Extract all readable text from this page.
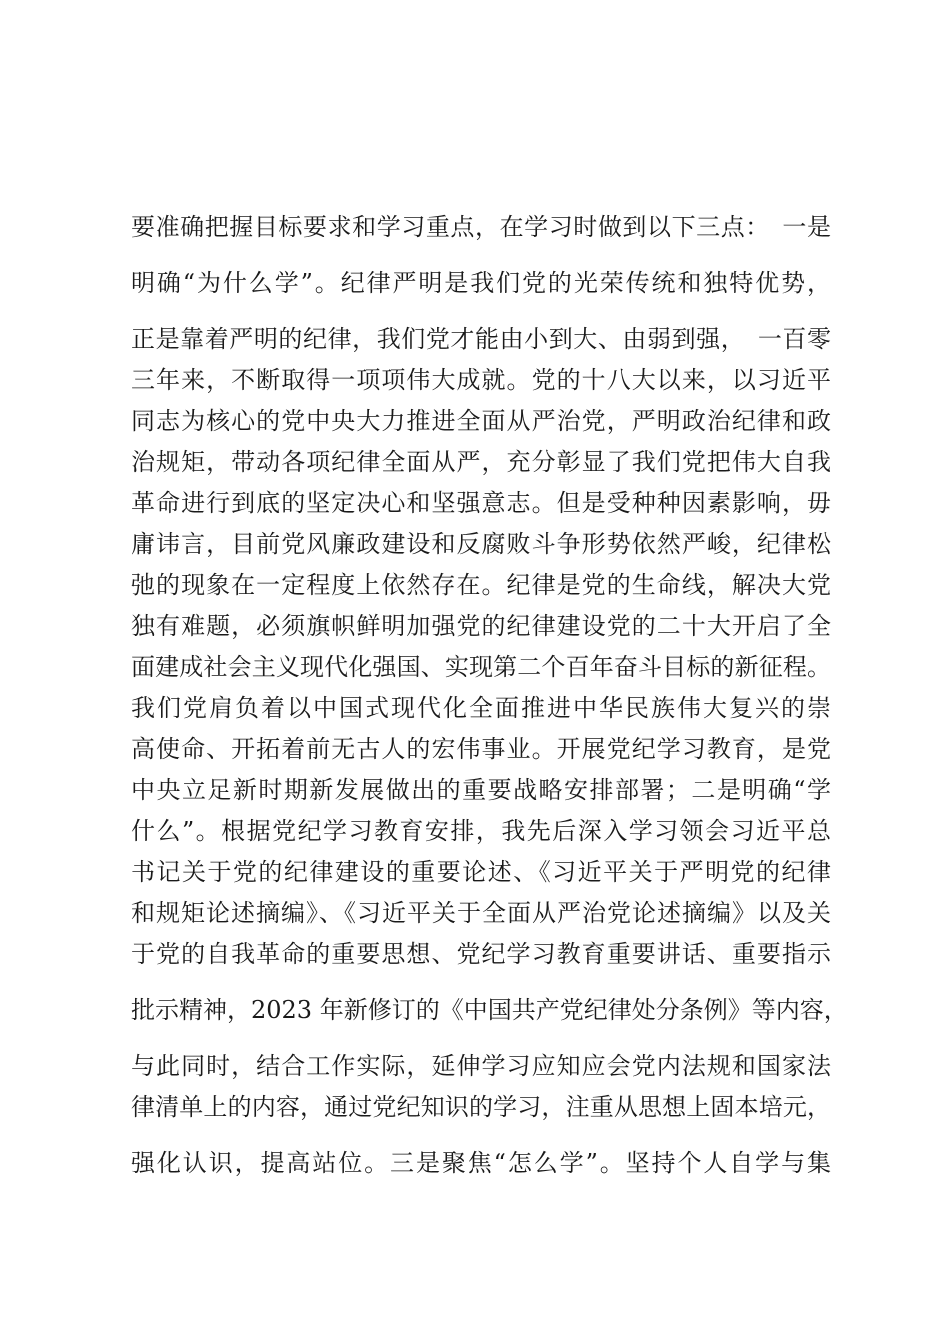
要准确把握目标要求和学习重点，在学习时做到以下三点：　一是
明确“为什么学”。纪律严明是我们党的光荣传统和独特优势，
正是靠着严明的纪律，我们党才能由小到大、由弱到强，　一百零
三年来，不断取得一项项伟大成就。党的十八大以来，以习近平
同志为核心的党中央大力推进全面从严治党，严明政治纪律和政
治规矩，带动各项纪律全面从严，充分彰显了我们党把伟大自我
革命进行到底的坚定决心和坚强意志。但是受种种因素影响，毋
庸讳言，目前党风廉政建设和反腐败斗争形势依然严峻，纪律松
弛的现象在一定程度上依然存在。纪律是党的生命线，解决大党
独有难题，必须旗帜鲜明加强党的纪律建设党的二十大开启了全
面建成社会主义现代化强国、实现第二个百年奋斗目标的新征程。
我们党肩负着以中国式现代化全面推进中华民族伟大复兴的崇
高使命、开拓着前无古人的宏伟事业。开展党纪学习教育，是党
中央立足新时期新发展做出的重要战略安排部署；二是明确“学
什么”。根据党纪学习教育安排，我先后深入学习领会习近平总
书记关于党的纪律建设的重要论述、《习近平关于严明党的纪律
和规矩论述摘编》、《习近平关于全面从严治党论述摘编》以及关
于党的自我革命的重要思想、党纪学习教育重要讲话、重要指示
批示精神，2023 年新修订的《中国共产党纪律处分条例》等内容，
与此同时，结合工作实际，延伸学习应知应会党内法规和国家法
律清单上的内容，通过党纪知识的学习，注重从思想上固本培元，
强化认识，提高站位。三是聚焦“怎么学”。坚持个人自学与集
